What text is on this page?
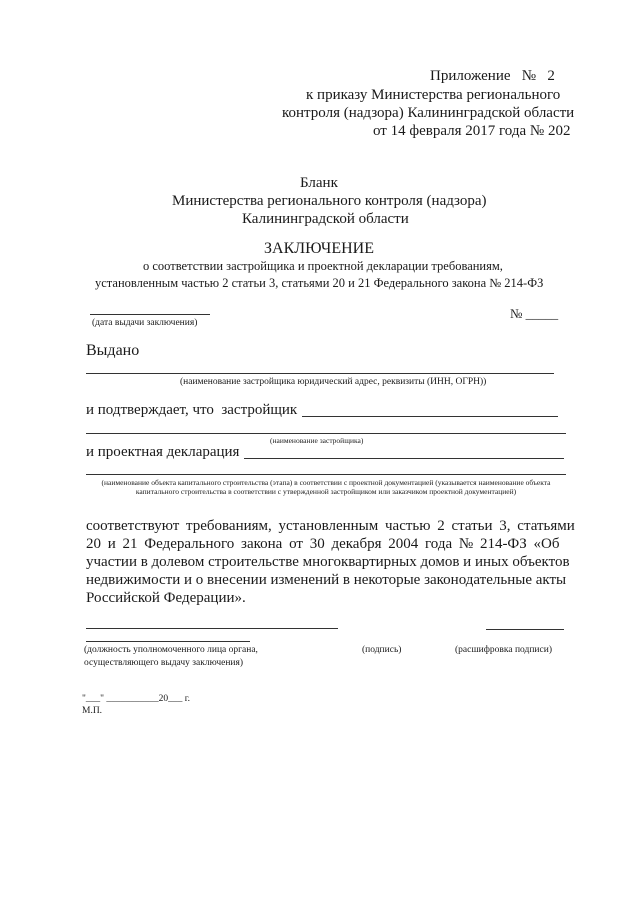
Приложение   №   2
к приказу Министерства регионального
контроля (надзора) Калининградской области
от 14 февраля 2017 года № 202
Бланк
Министерства регионального контроля (надзора)
Калининградской области
ЗАКЛЮЧЕНИЕ
о соответствии застройщика и проектной декларации требованиям,
установленным частью 2 статьи 3, статьями 20 и 21 Федерального закона № 214-ФЗ
(дата выдачи заключения)
№ _____
Выдано
(наименование застройщика юридический адрес, реквизиты (ИНН, ОГРН))
и подтверждает, что  застройщик
(наименование застройщика)
и проектная декларация
(наименование объекта капитального строительства (этапа) в соответствии с проектной документацией (указывается наименование объекта капитального строительства в соответствии с утвержденной застройщиком или заказчиком проектной документацией)
соответствуют требованиям, установленным частью 2 статьи 3, статьями
20 и 21 Федерального закона от 30 декабря 2004 года № 214-ФЗ «Об
участии в долевом строительстве многоквартирных домов и иных объектов
недвижимости и о внесении изменений в некоторые законодательные акты
Российской Федерации».
(должность уполномоченного лица органа,
осуществляющего выдачу заключения)
(подпись)	(расшифровка подписи)
"___" ___________20___ г.
М.П.
